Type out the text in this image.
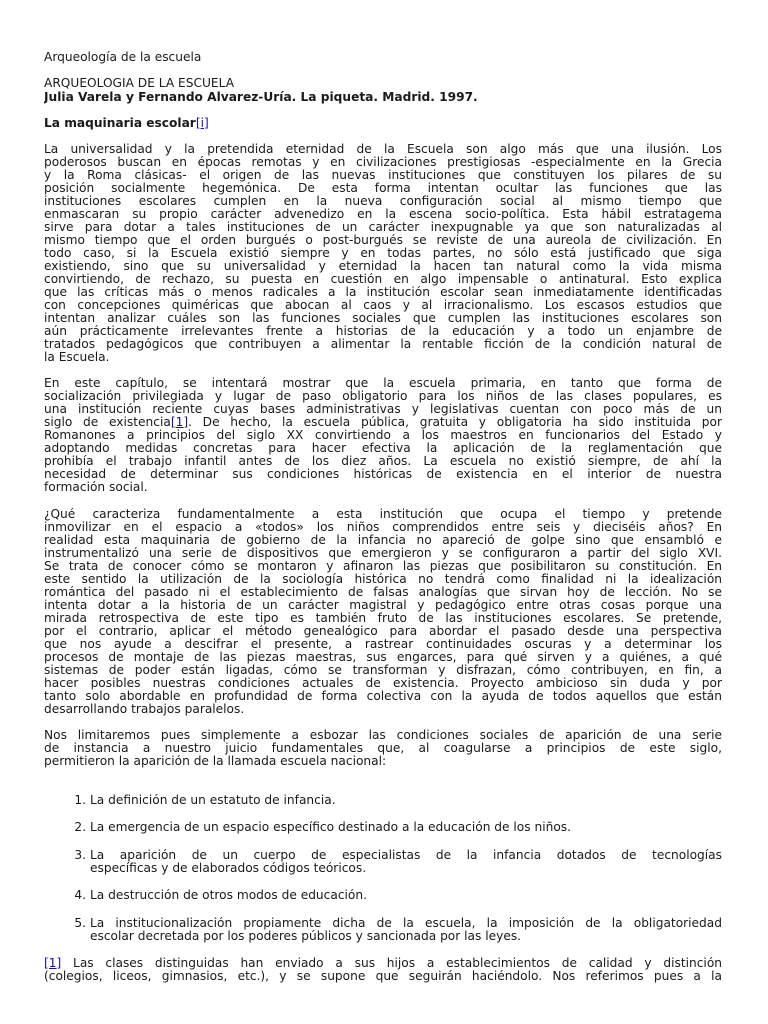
Arqueología de la escuela
ARQUEOLOGÍA DE LA ESCUELA
Julia Varela y Fernando Álvarez-Uría. La piqueta. Madrid. 1997.
La maquinaria escolar[i]
La universalidad y la pretendida eternidad de la Escuela son algo más que una ilusión. Los
poderosos buscan en épocas remotas y en civilizaciones prestigiosas -especialmente en la Grecia
y la Roma clásicas- el origen de las nuevas instituciones que constituyen los pilares de su
posición socialmente hegemónica. De esta forma intentan ocultar las funciones que las
instituciones escolares cumplen en la nueva configuración social al mismo tiempo que
enmascaran su propio carácter advenedizo en la escena socio-política. Esta hábil estratagema
sirve para dotar a tales instituciones de un carácter inexpugnable ya que son naturalizadas al
mismo tiempo que el orden burgués o post-burgués se reviste de una aureola de civilización. En
todo caso, si la Escuela existió siempre y en todas partes, no sólo está justificado que siga
existiendo, sino que su universalidad y eternidad la hacen tan natural como la vida misma
convirtiendo, de rechazo, su puesta en cuestión en algo impensable o antinatural. Esto explica
que las críticas más o menos radicales a la institución escolar sean inmediatamente identificadas
con concepciones quiméricas que abocan al caos y al irracionalismo. Los escasos estudios que
intentan analizar cuáles son las funciones sociales que cumplen las instituciones escolares son
aún prácticamente irrelevantes frente a historias de la educación y a todo un enjambre de
tratados pedagógicos que contribuyen a alimentar la rentable ficción de la condición natural de
la Escuela.
En este capítulo, se intentará mostrar que la escuela primaria, en tanto que forma de
socialización privilegiada y lugar de paso obligatorio para los niños de las clases populares, es
una institución reciente cuyas bases administrativas y legislativas cuentan con poco más de un
siglo de existencia[1]. De hecho, la escuela pública, gratuita y obligatoria ha sido instituida por
Romanones a principios del siglo XX convirtiendo a los maestros en funcionarios del Estado y
adoptando medidas concretas para hacer efectiva la aplicación de la reglamentación que
prohibía el trabajo infantil antes de los diez años. La escuela no existió siempre, de ahí la
necesidad de determinar sus condiciones históricas de existencia en el interior de nuestra
formación social.
¿Qué caracteriza fundamentalmente a esta institución que ocupa el tiempo y pretende
inmovilizar en el espacio a «todos» los niños comprendidos entre seis y dieciséis años? En
realidad esta maquinaria de gobierno de la infancia no apareció de golpe sino que ensambló e
instrumentalizó una serie de dispositivos que emergieron y se configuraron a partir del siglo XVI.
Se trata de conocer cómo se montaron y afinaron las piezas que posibilitaron su constitución. En
este sentido la utilización de la sociología histórica no tendrá como finalidad ni la idealización
romántica del pasado ni el establecimiento de falsas analogías que sirvan hoy de lección. No se
intenta dotar a la historia de un carácter magistral y pedagógico entre otras cosas porque una
mirada retrospectiva de este tipo es también fruto de las instituciones escolares. Se pretende,
por el contrario, aplicar el método genealógico para abordar el pasado desde una perspectiva
que nos ayude a descifrar el presente, a rastrear continuidades oscuras y a determinar los
procesos de montaje de las piezas maestras, sus engarces, para qué sirven y a quiénes, a qué
sistemas de poder están ligadas, cómo se transforman y disfrazan, cómo contribuyen, en fin, a
hacer posibles nuestras condiciones actuales de existencia. Proyecto ambicioso sin duda y por
tanto solo abordable en profundidad de forma colectiva con la ayuda de todos aquellos que están
desarrollando trabajos paralelos.
Nos limitaremos pues simplemente a esbozar las condiciones sociales de aparición de una serie
de instancia a nuestro juicio fundamentales que, al coagularse a principios de este siglo,
permitieron la aparición de la llamada escuela nacional:
1. La definición de un estatuto de infancia.
2. La emergencia de un espacio específico destinado a la educación de los niños.
3. La aparición de un cuerpo de especialistas de la infancia dotados de tecnologías
específicas y de elaborados códigos teóricos.
4. La destrucción de otros modos de educación.
5. La institucionalización propiamente dicha de la escuela, la imposición de la obligatoriedad
escolar decretada por los poderes públicos y sancionada por las leyes.
[1] Las clases distinguidas han enviado a sus hijos a establecimientos de calidad y distinción
(colegios, liceos, gimnasios, etc.), y se supone que seguirán haciéndolo. Nos referimos pues a la
